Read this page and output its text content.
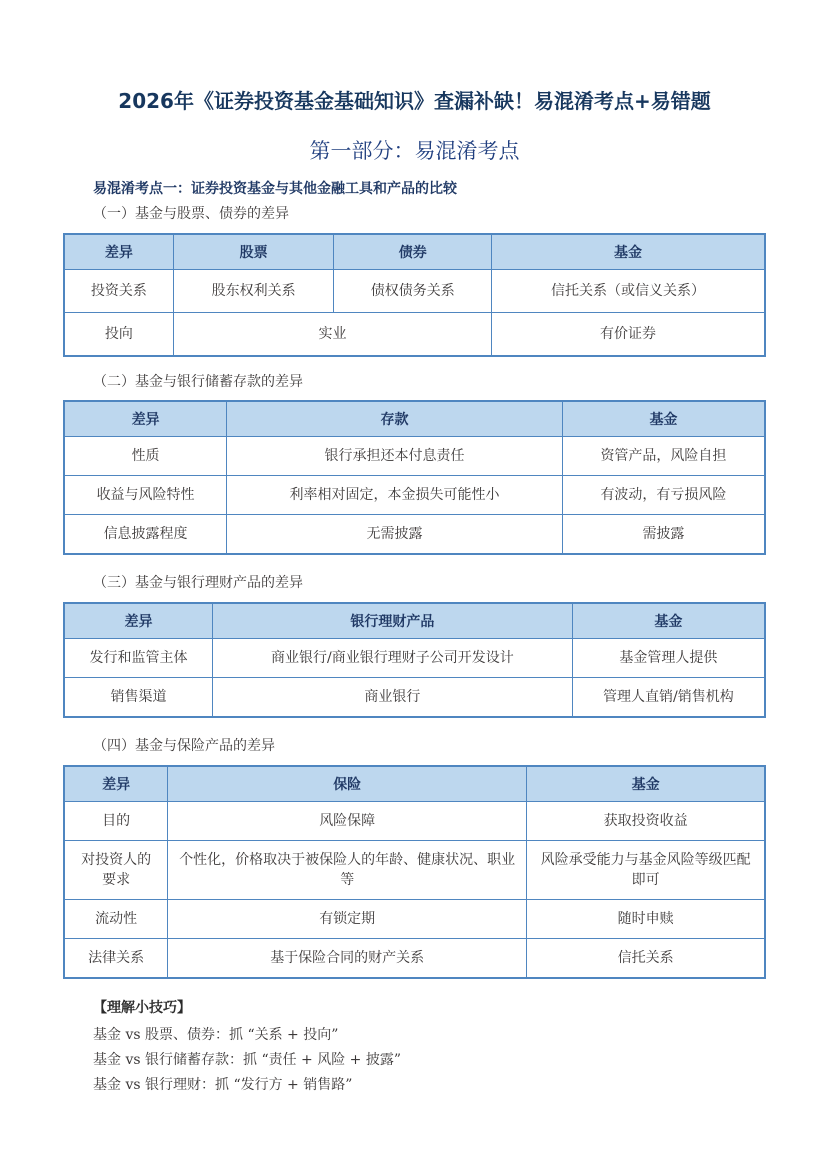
2026年《证券投资基金基础知识》查漏补缺！易混淆考点+易错题
第一部分：易混淆考点

易混淆考点一：证券投资基金与其他金融工具和产品的比较

（一）基金与股票、债券的差异

差异	股票	债券	基金
投资关系	股东权利关系	债权债务关系	信托关系（或信义关系）
投向	实业		有价证券

（二）基金与银行储蓄存款的差异

差异	存款	基金
性质	银行承担还本付息责任	资管产品，风险自担
收益与风险特性	利率相对固定，本金损失可能性小	有波动，有亏损风险
信息披露程度	无需披露	需披露

（三）基金与银行理财产品的差异

差异	银行理财产品	基金
发行和监管主体	商业银行/商业银行理财子公司开发设计	基金管理人提供
销售渠道	商业银行	管理人直销/销售机构

（四）基金与保险产品的差异

差异	保险	基金
目的	风险保障	获取投资收益
对投资人的要求	个性化，价格取决于被保险人的年龄、健康状况、职业等	风险承受能力与基金风险等级匹配即可
流动性	有锁定期	随时申赎
法律关系	基于保险合同的财产关系	信托关系

【理解小技巧】

基金 vs 股票、债券：抓 “关系 + 投向”

基金 vs 银行储蓄存款：抓 “责任 + 风险 + 披露”

基金 vs 银行理财：抓 “发行方 + 销售路”
